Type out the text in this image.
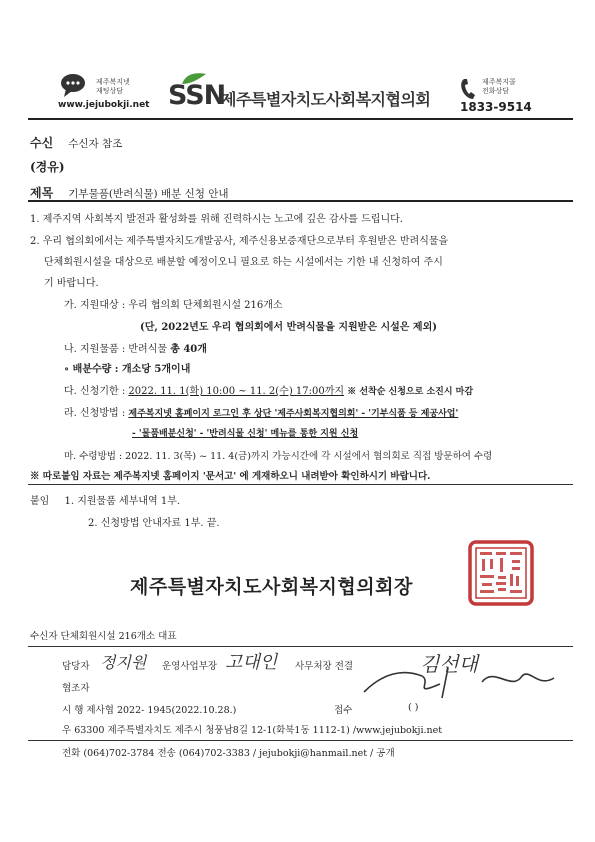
제주복지넷
재팅상담
www.jejubokji.net SSN
제주특별자치도사회복지협의회
제주복지콜
전화상담
1833-9514
수신 수신자 참조
(경유)
제목 기부물품(반려식물) 배분 신청 안내
1. 제주지역 사회복지 발전과 활성화를 위해 진력하시는 노고에 깊은 감사를 드립니다.
2. 우리 협의회에서는 제주특별자치도개발공사, 제주신용보증재단으로부터 후원받은 반려식물을
단체회원시설을 대상으로 배분할 예정이오니 필요로 하는 시설에서는 기한 내 신청하여 주시
기 바랍니다.
가. 지원대상 : 우리 협의회 단체회원시설 216개소
(단, 2022년도 우리 협의회에서 반려식물을 지원받은 시설은 제외)
나. 지원물품 : 반려식물 총 40개
∘ 배분수량 : 개소당 5개이내
다. 신청기한 : 2022. 11. 1(화) 10:00 ~ 11. 2(수) 17:00까지 ※ 선착순 신청으로 소진시 마감
라. 신청방법 : 제주복지넷 홈페이지 로그인 후 상단 '제주사회복지협의회' - '기부식품 등 제공사업'
- '물품배분신청' - '반려식물 신청' 메뉴를 통한 지원 신청
마. 수령방법 : 2022. 11. 3(목) ~ 11. 4(금)까지 가능시간에 각 시설에서 협의회로 직접 방문하여 수령
※ 따로붙임 자료는 제주복지넷 홈페이지 '문서고' 에 게재하오니 내려받아 확인하시기 바랍니다.
붙임 1. 지원물품 세부내역 1부.
2. 신청방법 안내자료 1부. 끝.
제주특별자치도사회복지협의회장
수신자 단체회원시설 216개소 대표
담당자 정지원 운영사업부장 고대인 사무처장 전결	김선대
협조자
시 행 제사협 2022- 1945(2022.10.28.)	접수	( )
우 63300 제주특별자치도 제주시 청풍남8길 12-1(화북1동 1112-1) /www.jejubokji.net
전화 (064)702-3784 전송 (064)702-3383 / jejubokji@hanmail.net / 공개
